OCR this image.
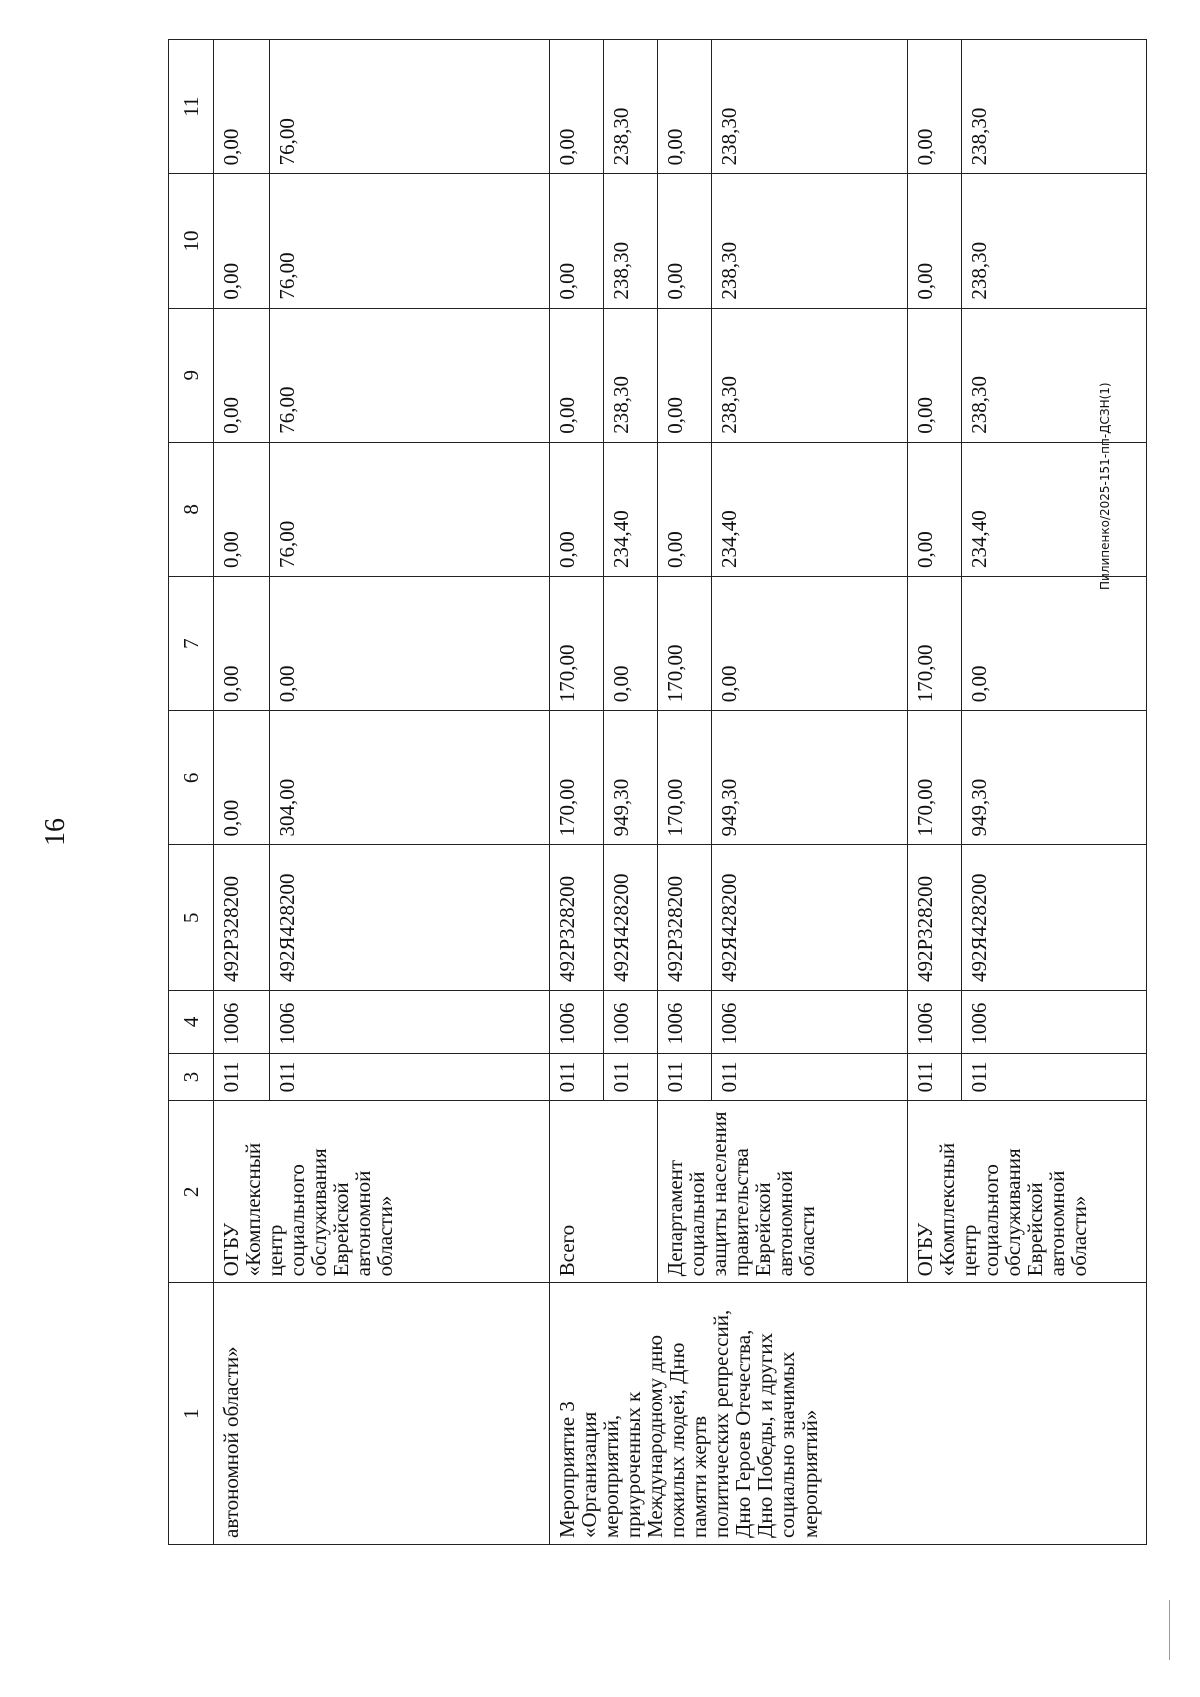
16
Пилипенко/2025-151-пп-ДСЗН(1)
1	2	3	4	5	6	7	8	9	10	11
автономной области»	ОГБУ «Комплексный центр социального обслуживания Еврейской автономной области»	011	1006	492Р328200	0,00	0,00	0,00	0,00	0,00	0,00
		011	1006	492Я428200	304,00	0,00	76,00	76,00	76,00	76,00
Мероприятие 3 «Организация мероприятий, приуроченных к Международному дню пожилых людей, Дню памяти жертв политических репрессий, Дню Героев Отечества, Дню Победы, и других социально значимых мероприятий»	Всего	011	1006	492Р328200	170,00	170,00	0,00	0,00	0,00	0,00
		011	1006	492Я428200	949,30	0,00	234,40	238,30	238,30	238,30
	Департамент социальной защиты населения правительства Еврейской автономной области	011	1006	492Р328200	170,00	170,00	0,00	0,00	0,00	0,00
		011	1006	492Я428200	949,30	0,00	234,40	238,30	238,30	238,30
	ОГБУ «Комплексный центр социального обслуживания Еврейской автономной области»	011	1006	492Р328200	170,00	170,00	0,00	0,00	0,00	0,00
		011	1006	492Я428200	949,30	0,00	234,40	238,30	238,30	238,30
